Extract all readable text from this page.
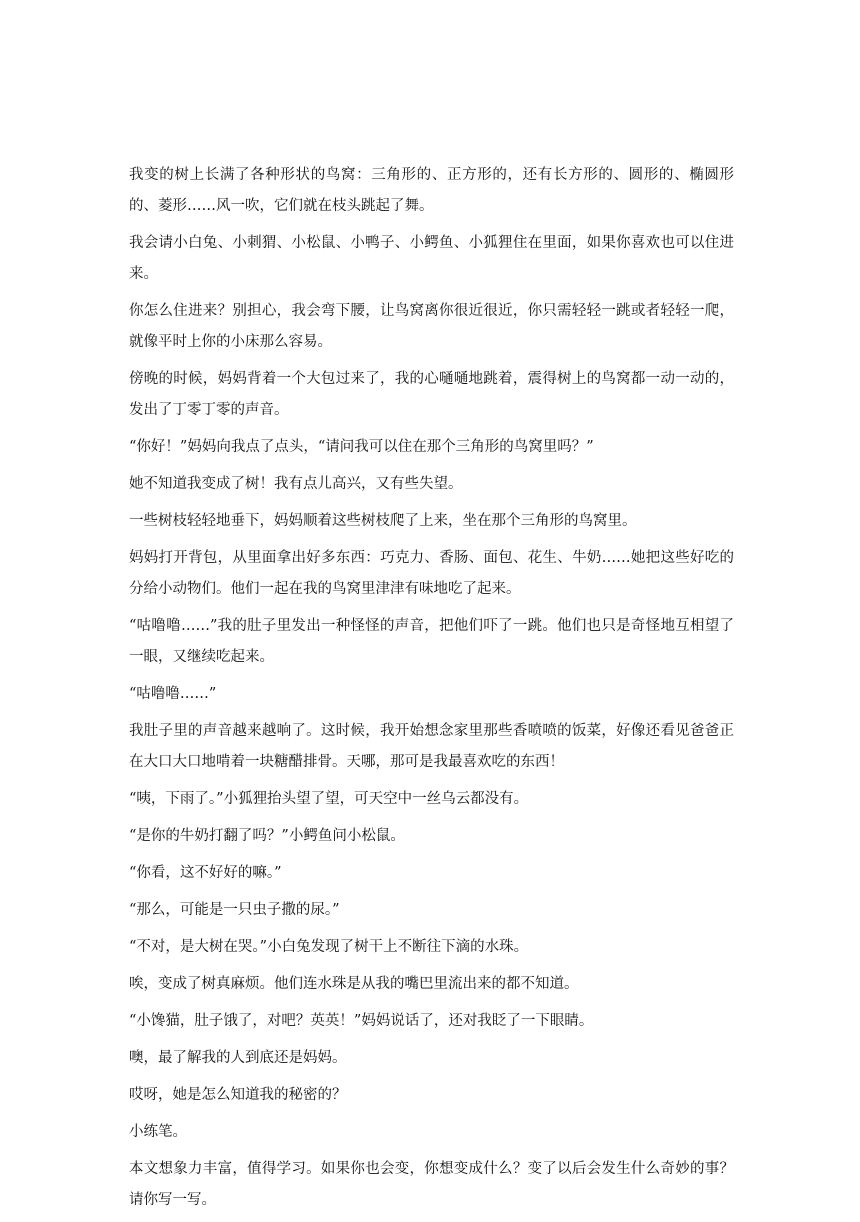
我变的树上长满了各种形状的鸟窝：三角形的、正方形的，还有长方形的、圆形的、椭圆形的、菱形……风一吹，它们就在枝头跳起了舞。

我会请小白兔、小刺猬、小松鼠、小鸭子、小鳄鱼、小狐狸住在里面，如果你喜欢也可以住进来。

你怎么住进来？别担心，我会弯下腰，让鸟窝离你很近很近，你只需轻轻一跳或者轻轻一爬，就像平时上你的小床那么容易。

傍晚的时候，妈妈背着一个大包过来了，我的心嗵嗵地跳着，震得树上的鸟窝都一动一动的，发出了丁零丁零的声音。

“你好！”妈妈向我点了点头，“请问我可以住在那个三角形的鸟窝里吗？”

她不知道我变成了树！我有点儿高兴，又有些失望。

一些树枝轻轻地垂下，妈妈顺着这些树枝爬了上来，坐在那个三角形的鸟窝里。

妈妈打开背包，从里面拿出好多东西：巧克力、香肠、面包、花生、牛奶……她把这些好吃的分给小动物们。他们一起在我的鸟窝里津津有味地吃了起来。

“咕噜噜……”我的肚子里发出一种怪怪的声音，把他们吓了一跳。他们也只是奇怪地互相望了一眼，又继续吃起来。

“咕噜噜……”

我肚子里的声音越来越响了。这时候，我开始想念家里那些香喷喷的饭菜，好像还看见爸爸正在大口大口地啃着一块糖醋排骨。天哪，那可是我最喜欢吃的东西！

“咦，下雨了。”小狐狸抬头望了望，可天空中一丝乌云都没有。

“是你的牛奶打翻了吗？”小鳄鱼问小松鼠。

“你看，这不好好的嘛。”

“那么，可能是一只虫子撒的尿。”

“不对，是大树在哭。”小白兔发现了树干上不断往下滴的水珠。

唉，变成了树真麻烦。他们连水珠是从我的嘴巴里流出来的都不知道。

“小馋猫，肚子饿了，对吧？英英！”妈妈说话了，还对我眨了一下眼睛。

噢，最了解我的人到底还是妈妈。

哎呀，她是怎么知道我的秘密的？

小练笔。

本文想象力丰富，值得学习。如果你也会变，你想变成什么？变了以后会发生什么奇妙的事？请你写一写。
